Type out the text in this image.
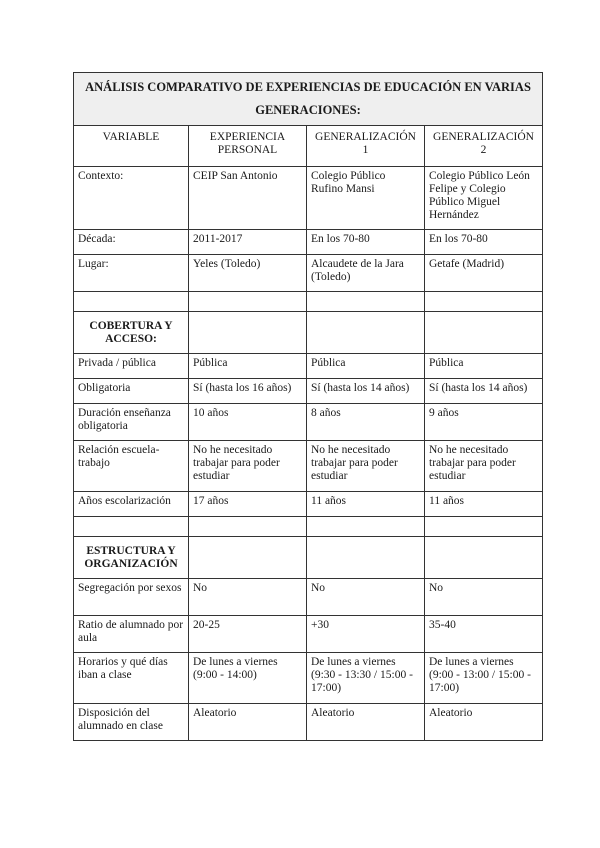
ANÁLISIS COMPARATIVO DE EXPERIENCIAS DE EDUCACIÓN EN VARIAS GENERACIONES:			
VARIABLE	EXPERIENCIA PERSONAL	GENERALIZACIÓN 1	GENERALIZACIÓN 2
Contexto:	CEIP San Antonio	Colegio Público Rufino Mansi	Colegio Público León Felipe y Colegio Público Miguel Hernández
Década:	2011-2017	En los 70-80	En los 70-80
Lugar:	Yeles (Toledo)	Alcaudete de la Jara (Toledo)	Getafe (Madrid)

COBERTURA Y ACCESO:			
Privada / pública	Pública	Pública	Pública
Obligatoria	Sí (hasta los 16 años)	Sí (hasta los 14 años)	Sí (hasta los 14 años)
Duración enseñanza obligatoria	10 años	8 años	9 años
Relación escuela-trabajo	No he necesitado trabajar para poder estudiar	No he necesitado trabajar para poder estudiar	No he necesitado trabajar para poder estudiar
Años escolarización	17 años	11 años	11 años

ESTRUCTURA Y ORGANIZACIÓN			
Segregación por sexos	No	No	No
Ratio de alumnado por aula	20-25	+30	35-40
Horarios y qué días iban a clase	De lunes a viernes (9:00 - 14:00)	De lunes a viernes (9:30 - 13:30 / 15:00 - 17:00)	De lunes a viernes (9:00 - 13:00 / 15:00 - 17:00)
Disposición del alumnado en clase	Aleatorio	Aleatorio	Aleatorio
